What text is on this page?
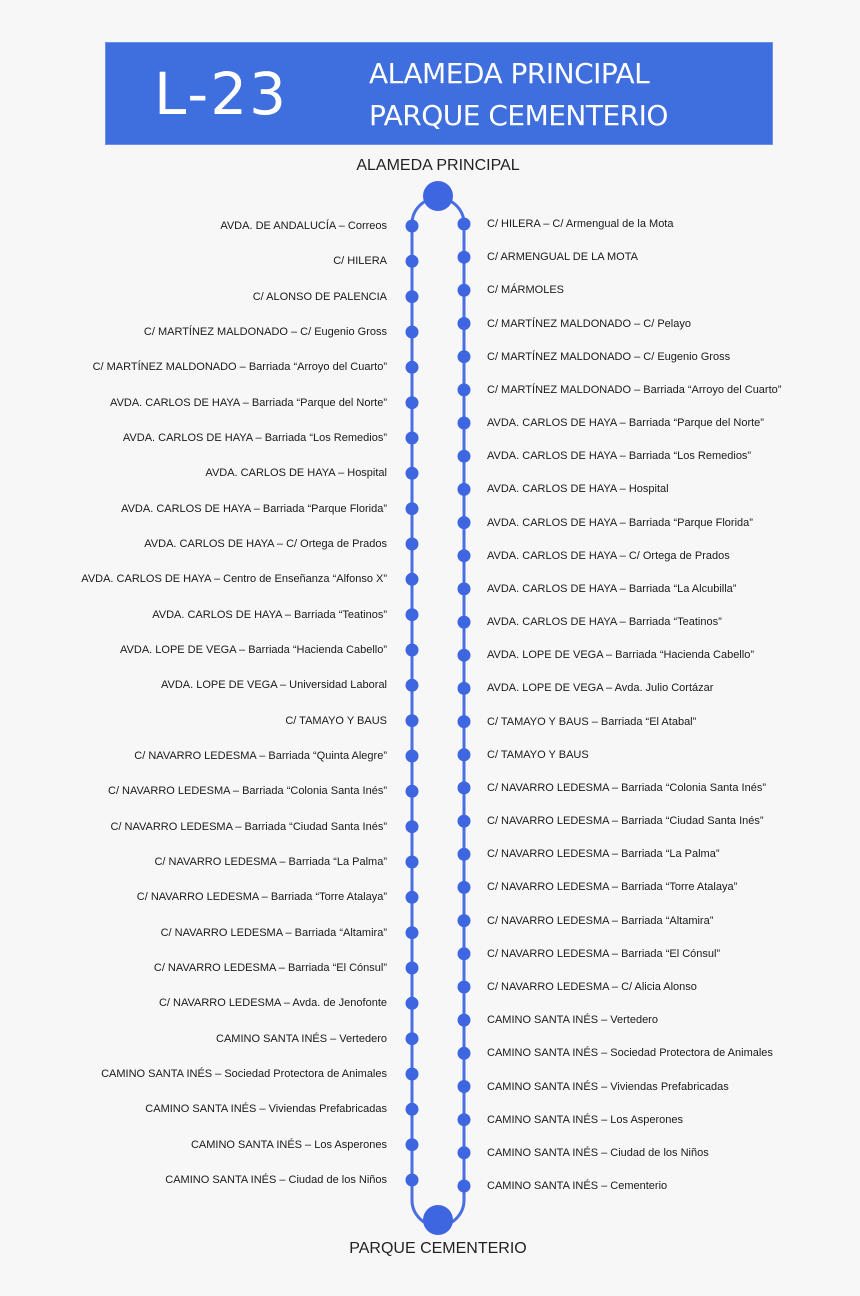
L-23	ALAMEDA PRINCIPAL
PARQUE CEMENTERIO
ALAMEDA PRINCIPAL
AVDA. DE ANDALUCÍA – Correos
C/ HILERA
C/ ALONSO DE PALENCIA
C/ MARTÍNEZ MALDONADO – C/ Eugenio Gross
C/ MARTÍNEZ MALDONADO – Barriada “Arroyo del Cuarto”
AVDA. CARLOS DE HAYA – Barriada “Parque del Norte”
AVDA. CARLOS DE HAYA – Barriada “Los Remedios”
AVDA. CARLOS DE HAYA – Hospital
AVDA. CARLOS DE HAYA – Barriada “Parque Florida”
AVDA. CARLOS DE HAYA – C/ Ortega de Prados
AVDA. CARLOS DE HAYA – Centro de Enseñanza “Alfonso X”
AVDA. CARLOS DE HAYA – Barriada “Teatinos”
AVDA. LOPE DE VEGA – Barriada “Hacienda Cabello”
AVDA. LOPE DE VEGA – Universidad Laboral
C/ TAMAYO Y BAUS
C/ NAVARRO LEDESMA – Barriada “Quinta Alegre”
C/ NAVARRO LEDESMA – Barriada “Colonia Santa Inés”
C/ NAVARRO LEDESMA – Barriada “Ciudad Santa Inés”
C/ NAVARRO LEDESMA – Barriada “La Palma”
C/ NAVARRO LEDESMA – Barriada “Torre Atalaya”
C/ NAVARRO LEDESMA – Barriada “Altamira”
C/ NAVARRO LEDESMA – Barriada “El Cónsul”
C/ NAVARRO LEDESMA – Avda. de Jenofonte
CAMINO SANTA INÉS – Vertedero
CAMINO SANTA INÉS – Sociedad Protectora de Animales
CAMINO SANTA INÉS – Viviendas Prefabricadas
CAMINO SANTA INÉS – Los Asperones
CAMINO SANTA INÉS – Ciudad de los Niños
C/ HILERA – C/ Armengual de la Mota
C/ ARMENGUAL DE LA MOTA
C/ MÁRMOLES
C/ MARTÍNEZ MALDONADO – C/ Pelayo
C/ MARTÍNEZ MALDONADO – C/ Eugenio Gross
C/ MARTÍNEZ MALDONADO – Barriada “Arroyo del Cuarto”
AVDA. CARLOS DE HAYA – Barriada “Parque del Norte”
AVDA. CARLOS DE HAYA – Barriada “Los Remedios”
AVDA. CARLOS DE HAYA – Hospital
AVDA. CARLOS DE HAYA – Barriada “Parque Florida”
AVDA. CARLOS DE HAYA – C/ Ortega de Prados
AVDA. CARLOS DE HAYA – Barriada “La Alcubilla”
AVDA. CARLOS DE HAYA – Barriada “Teatinos”
AVDA. LOPE DE VEGA – Barriada “Hacienda Cabello”
AVDA. LOPE DE VEGA – Avda. Julio Cortázar
C/ TAMAYO Y BAUS – Barriada “El Atabal”
C/ TAMAYO Y BAUS
C/ NAVARRO LEDESMA – Barriada “Colonia Santa Inés”
C/ NAVARRO LEDESMA – Barriada “Ciudad Santa Inés”
C/ NAVARRO LEDESMA – Barriada “La Palma”
C/ NAVARRO LEDESMA – Barriada “Torre Atalaya”
C/ NAVARRO LEDESMA – Barriada “Altamira”
C/ NAVARRO LEDESMA – Barriada “El Cónsul”
C/ NAVARRO LEDESMA – C/ Alicia Alonso
CAMINO SANTA INÉS – Vertedero
CAMINO SANTA INÉS – Sociedad Protectora de Animales
CAMINO SANTA INÉS – Viviendas Prefabricadas
CAMINO SANTA INÉS – Los Asperones
CAMINO SANTA INÉS – Ciudad de los Niños
CAMINO SANTA INÉS – Cementerio
PARQUE CEMENTERIO
